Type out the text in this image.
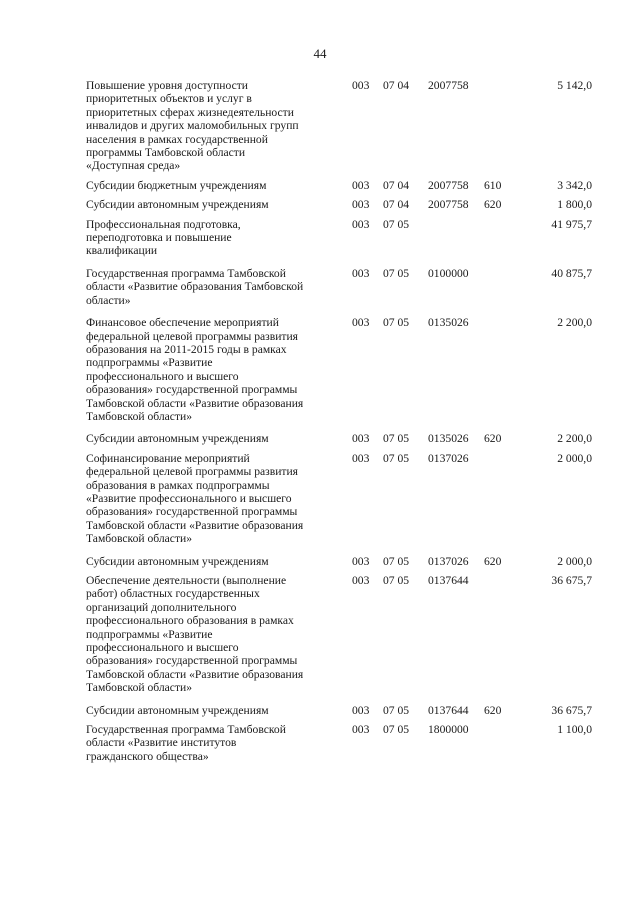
44
Повышение уровня доступности
приоритетных объектов и услуг в
приоритетных сферах жизнедеятельности
инвалидов и других маломобильных групп
населения в рамках государственной
программы Тамбовской области
«Доступная среда»
003 07 04 2007758	5 142,0
Субсидии бюджетным учреждениям	003 07 04 2007758 610	3 342,0
Субсидии автономным учреждениям	003 07 04 2007758 620	1 800,0
Профессиональная подготовка,
переподготовка и повышение
квалификации
003 07 05	41 975,7
Государственная программа Тамбовской
области «Развитие образования Тамбовской
области»
003 07 05 0100000	40 875,7
Финансовое обеспечение мероприятий
федеральной целевой программы развития
образования на 2011-2015 годы в рамках
подпрограммы «Развитие
профессионального и высшего
образования» государственной программы
Тамбовской области «Развитие образования
Тамбовской области»
003 07 05 0135026	2 200,0
Субсидии автономным учреждениям	003 07 05 0135026 620	2 200,0
Софинансирование мероприятий
федеральной целевой программы развития
образования в рамках подпрограммы
«Развитие профессионального и высшего
образования» государственной программы
Тамбовской области «Развитие образования
Тамбовской области»
003 07 05 0137026	2 000,0
Субсидии автономным учреждениям	003 07 05 0137026 620	2 000,0
Обеспечение деятельности (выполнение
работ) областных государственных
организаций дополнительного
профессионального образования в рамках
подпрограммы «Развитие
профессионального и высшего
образования» государственной программы
Тамбовской области «Развитие образования
Тамбовской области»
003 07 05 0137644	36 675,7
Субсидии автономным учреждениям	003 07 05 0137644 620	36 675,7
Государственная программа Тамбовской
области «Развитие институтов
гражданского общества»
003 07 05 1800000	1 100,0
